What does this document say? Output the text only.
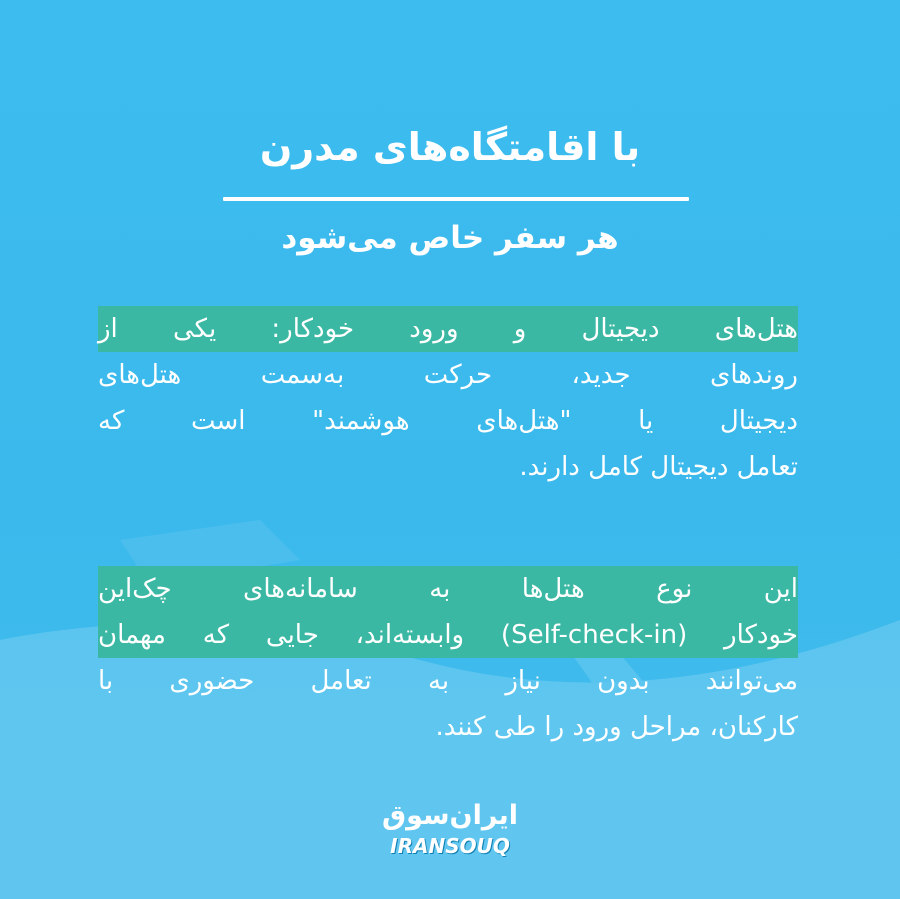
با اقامتگاه‌های مدرن
هر سفر خاص می‌شود
هتل‌های دیجیتال و ورود خودکار: یکی از
روندهای جدید، حرکت به‌سمت هتل‌های
دیجیتال یا "هتل‌های هوشمند" است که
تعامل دیجیتال کامل دارند.
این نوع هتل‌ها به سامانه‌های چک‌این
خودکار (Self-check-in) وابسته‌اند، جایی که مهمان
می‌توانند بدون نیاز به تعامل حضوری با
کارکنان، مراحل ورود را طی کنند.
ایران‌سوق
IRANSOUQ
